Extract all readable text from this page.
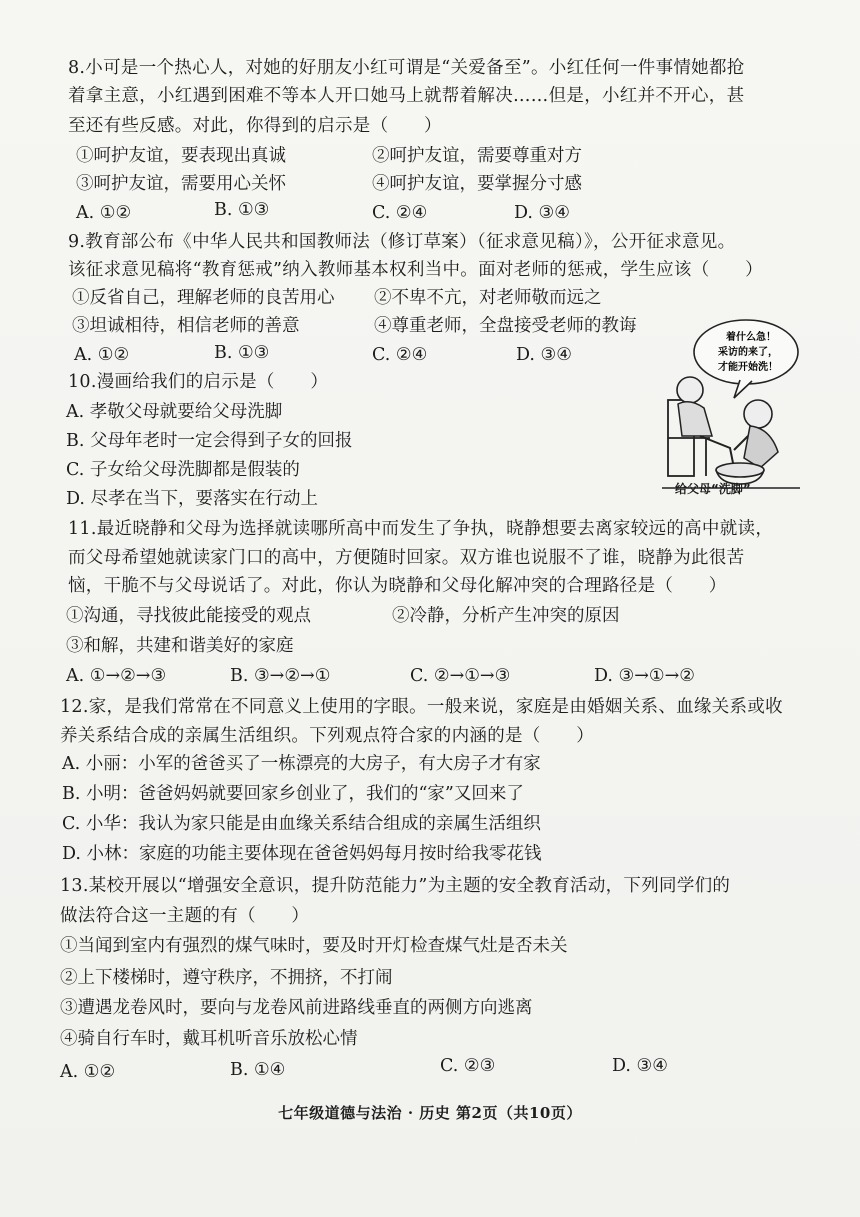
8.小可是一个热心人，对她的好朋友小红可谓是“关爱备至”。小红任何一件事情她都抢
着拿主意，小红遇到困难不等本人开口她马上就帮着解决……但是，小红并不开心，甚
至还有些反感。对此，你得到的启示是（　　）
①呵护友谊，要表现出真诚	②呵护友谊，需要尊重对方
③呵护友谊，需要用心关怀	④呵护友谊，要掌握分寸感
A. ①②	B. ①③	C. ②④	D. ③④
9.教育部公布《中华人民共和国教师法（修订草案）（征求意见稿）》，公开征求意见。
该征求意见稿将“教育惩戒”纳入教师基本权利当中。面对老师的惩戒，学生应该（　　）
①反省自己，理解老师的良苦用心 ②不卑不亢，对老师敬而远之
③坦诚相待，相信老师的善意	④尊重老师，全盘接受老师的教诲
A. ①②	B. ①③	C. ②④	D. ③④
10.漫画给我们的启示是（　　）
A. 孝敬父母就要给父母洗脚
B. 父母年老时一定会得到子女的回报
C. 子女给父母洗脚都是假装的
D. 尽孝在当下，要落实在行动上
着什么急！
采访的来了，
才能开始洗！
给父母“洗脚”
11.最近晓静和父母为选择就读哪所高中而发生了争执，晓静想要去离家较远的高中就读，
而父母希望她就读家门口的高中，方便随时回家。双方谁也说服不了谁，晓静为此很苦
恼，干脆不与父母说话了。对此，你认为晓静和父母化解冲突的合理路径是（　　）
①沟通，寻找彼此能接受的观点	②冷静，分析产生冲突的原因
③和解，共建和谐美好的家庭
A. ①→②→③	B. ③→②→①	C. ②→①→③	D. ③→①→②
12.家，是我们常常在不同意义上使用的字眼。一般来说，家庭是由婚姻关系、血缘关系或收
养关系结合成的亲属生活组织。下列观点符合家的内涵的是（　　）
A. 小丽：小军的爸爸买了一栋漂亮的大房子，有大房子才有家
B. 小明：爸爸妈妈就要回家乡创业了，我们的“家”又回来了
C. 小华：我认为家只能是由血缘关系结合组成的亲属生活组织
D. 小林：家庭的功能主要体现在爸爸妈妈每月按时给我零花钱
13.某校开展以“增强安全意识，提升防范能力”为主题的安全教育活动，下列同学们的
做法符合这一主题的有（　　）
①当闻到室内有强烈的煤气味时，要及时开灯检查煤气灶是否未关
②上下楼梯时，遵守秩序，不拥挤，不打闹
③遭遇龙卷风时，要向与龙卷风前进路线垂直的两侧方向逃离
④骑自行车时，戴耳机听音乐放松心情
A. ①②	B. ①④	C. ②③	D. ③④
七年级道德与法治 · 历史 第2页（共10页）
